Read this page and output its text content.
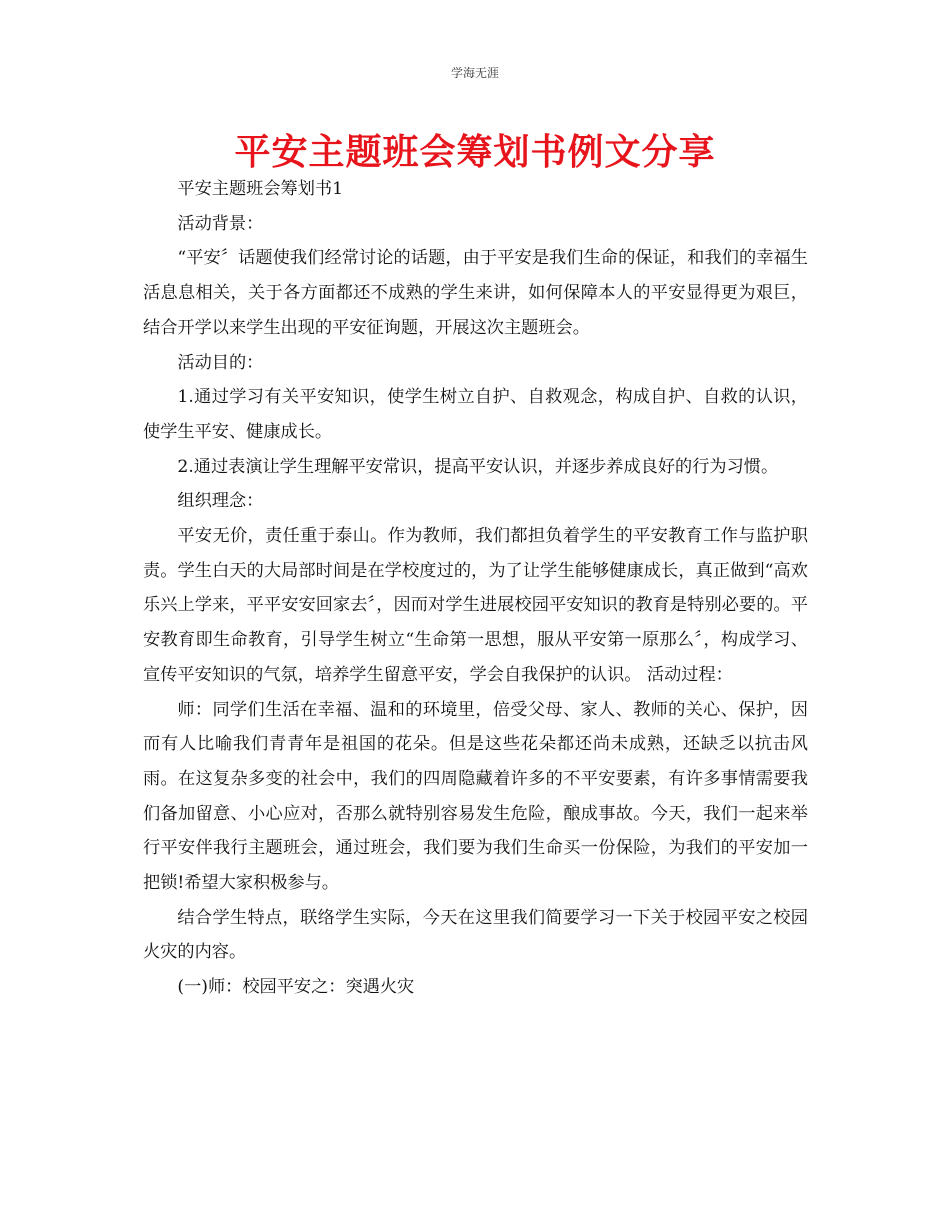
学海无涯
平安主题班会筹划书例文分享

平安主题班会筹划书1

活动背景：

“平安〞话题使我们经常讨论的话题，由于平安是我们生命的保证，和我们的幸福生活息息相关，关于各方面都还不成熟的学生来讲，如何保障本人的平安显得更为艰巨，结合开学以来学生出现的平安征询题，开展这次主题班会。

活动目的：

1.通过学习有关平安知识，使学生树立自护、自救观念，构成自护、自救的认识，使学生平安、健康成长。

2.通过表演让学生理解平安常识，提高平安认识，并逐步养成良好的行为习惯。

组织理念：

平安无价，责任重于泰山。作为教师，我们都担负着学生的平安教育工作与监护职责。学生白天的大局部时间是在学校度过的，为了让学生能够健康成长，真正做到“高欢乐兴上学来，平平安安回家去〞，因而对学生进展校园平安知识的教育是特别必要的。平安教育即生命教育，引导学生树立“生命第一思想，服从平安第一原那么〞，构成学习、宣传平安知识的气氛，培养学生留意平安，学会自我保护的认识。 活动过程：

师：同学们生活在幸福、温和的环境里，倍受父母、家人、教师的关心、保护，因而有人比喻我们青青年是祖国的花朵。但是这些花朵都还尚未成熟，还缺乏以抗击风雨。在这复杂多变的社会中，我们的四周隐藏着许多的不平安要素，有许多事情需要我们备加留意、小心应对，否那么就特别容易发生危险，酿成事故。今天，我们一起来举行平安伴我行主题班会，通过班会，我们要为我们生命买一份保险，为我们的平安加一把锁!希望大家积极参与。

结合学生特点，联络学生实际，今天在这里我们简要学习一下关于校园平安之校园火灾的内容。

(一)师：校园平安之：突遇火灾
